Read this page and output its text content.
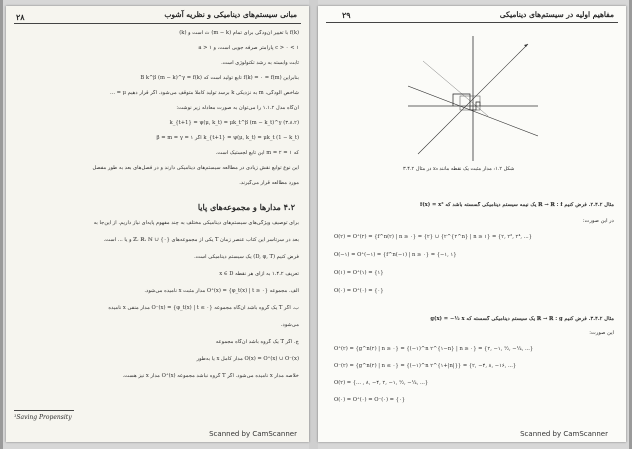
۲۸	مبانی سیستم‌های دینامیکی و نظریه آشوب
f(k) با تغییر آن‌ودگی برای تمام (m − k)‌ ث است و (k)
۱ > c > ۰ پارامتر صرفه جویی است، و ۱ < a
ثابت وابسته به رشد تکنولوژی است.
بنابراین f(k) = ۰ = f(m) تابع تولید است که B k^β (m − k)^γ = f(k)
شاخص آلودگی، m به نزدیکی k برسد تولید کاملاً متوقف می‌شود. اگر قرار دهیم μ = ...
آن‌گاه مدل ۱.۱.۲ را می‌توان به صورت معادله زیر نوشت:
k_{t+1} = ψ(μ, k_t) = μk_t^β (m − k_t)^γ (۳.۸.۲)
k_{t+1} = ψ(μ, k_t) = μk_t (1 − k_t) اگر β = m = γ = ۱
که ۱ = ۲ = m این تابع لجستیک است.
این نوع توابع نقش زیادی در مطالعه سیستم‌های دینامیکی دارند و در فصل‌های بعد به طور مفصل
مورد مطالعه قرار می‌گیرند.
۴.۲ مدارها و مجموعه‌های پایا
برای توصیف ویژگی‌های سیستم‌های دینامیکی مختلف به چند مفهوم پایه‌ای نیاز داریم. از این‌جا به
بعد در سرتاسر این کتاب عنصر زمان T یکی از مجموعه‌های ℤ، ℝ، ℕ ∪ {۰} و یا ... است.
فرض کنیم (D, φ, T) یک سیستم دینامیکی است.
تعریف ۱.۴.۲ به ازای هر نقطه x ∈ D
الف. مجموعه O⁺(x) = {φ_t(x) | t ≥ ۰} مدار مثبت x نامیده می‌شود.
ب. اگر T یک گروه باشد آن‌گاه مجموعه O⁻(x) = {φ_t(x) | t ≤ ۰} مدار منفی x نامیده
می‌شود.
ج. اگر T یک گروه باشد آن‌گاه مجموعه
O(x) = O⁺(x) ∪ O⁻(x) مدار کامل x یا به‌طور
خلاصه مدار x نامیده می‌شود. اگر T گروه نباشد مجموعه O⁺(x) مدار x نیز هست.
¹Saving Propensity
Scanned by CamScanner
۲۹	مفاهیم اولیه در سیستم‌های دینامیکی
شکل ۱.۲: مدار مثبت یک نقطه مانند x₀ در مثال ۳.۴.۲
مثال ۲.۴.۲. فرض کنیم ℝ → ℝ : f یک نیمه سیستم دینامیکی گسسته باشد که f(x) = x²
در این صورت:
O(۲) = O⁺(۲) = {f^n(۲) | n ≥ ۰} = {۲} ∪ {۲^{۲^n} | n ≥ ۱} = {۲, ۲², ۲⁴, ...}
O(−۱) = O⁺(−۱) = {f^n(−۱) | n ≥ ۰} = {−۱, ۱}
O(۱) = O⁺(۱) = {۱}
O(۰) = O⁺(۰) = {۰}
مثال ۳.۴.۲. فرض کنیم ℝ → ℝ : g یک سیستم دینامیکی گسسته که g(x) = −½ x
این صورت:
O⁺(۲) = {g^n(۲) | n ≥ ۰} = {(−۱)^n ۲^{۱−n} | n ≥ ۰} = {۲, −۱, ½, −¼, ...}
O⁻(۲) = {g^n(۲) | n ≤ ۰} = {(−۱)^n ۲^{۱+|n|}} = {۲, −۴, ۸, −۱۶, ...}
O(۲) = {... , ۸, −۴, ۲, −۱, ½, −¼, ...}
O(۰) = O⁺(۰) = O⁻(۰) = {۰}
Scanned by CamScanner
